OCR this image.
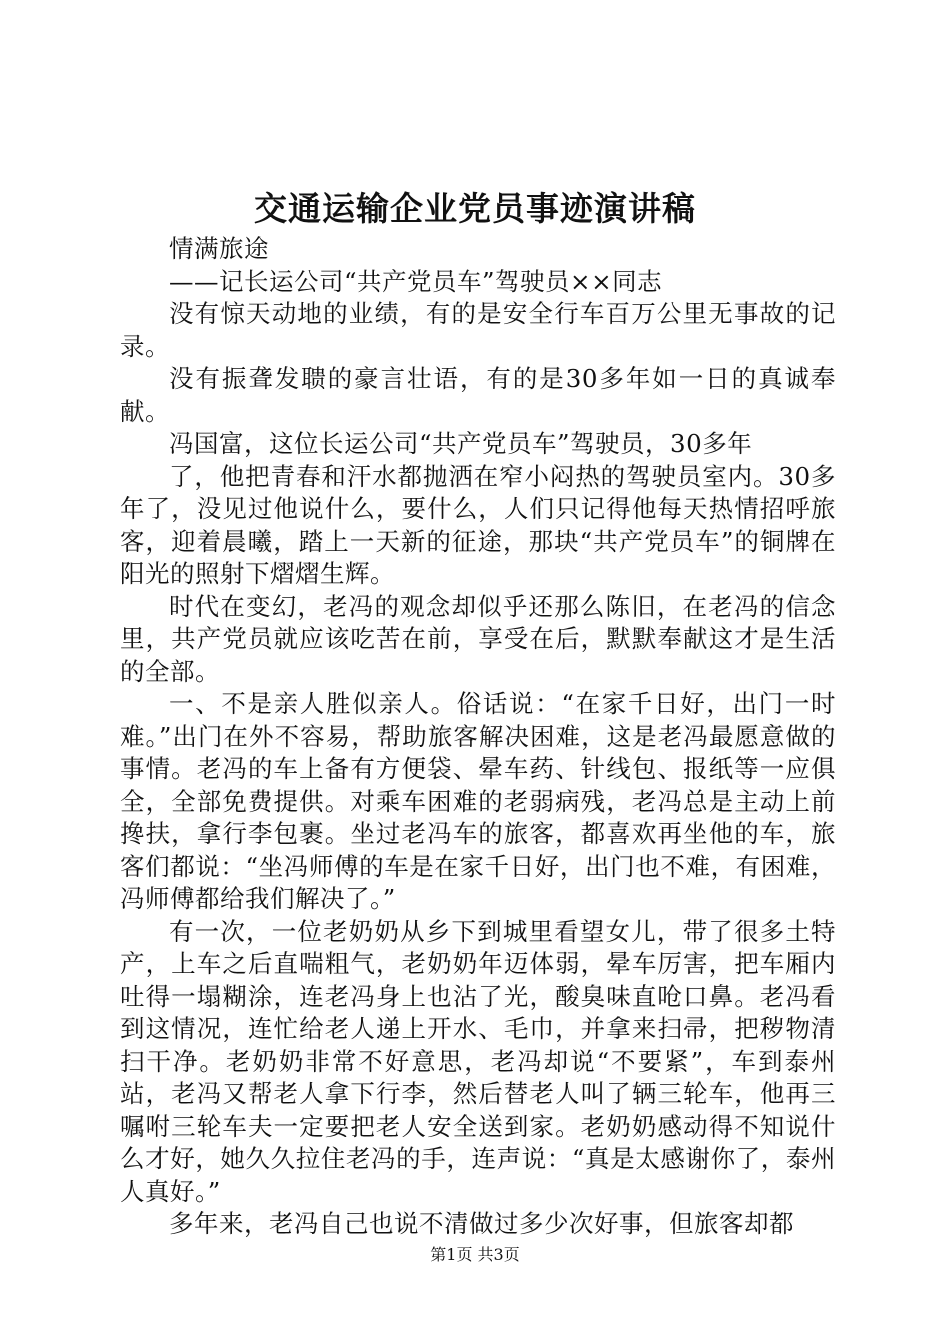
交通运输企业党员事迹演讲稿

情满旅途

——记长运公司“共产党员车”驾驶员××同志

没有惊天动地的业绩，有的是安全行车百万公里无事故的记录。

没有振聋发聩的豪言壮语，有的是30多年如一日的真诚奉献。

冯国富，这位长运公司“共产党员车”驾驶员，30多年

了，他把青春和汗水都抛洒在窄小闷热的驾驶员室内。30多年了，没见过他说什么，要什么，人们只记得他每天热情招呼旅客，迎着晨曦，踏上一天新的征途，那块“共产党员车”的铜牌在阳光的照射下熠熠生辉。

时代在变幻，老冯的观念却似乎还那么陈旧，在老冯的信念里，共产党员就应该吃苦在前，享受在后，默默奉献这才是生活的全部。

一、不是亲人胜似亲人。俗话说：“在家千日好，出门一时难。”出门在外不容易，帮助旅客解决困难，这是老冯最愿意做的事情。老冯的车上备有方便袋、晕车药、针线包、报纸等一应俱全，全部免费提供。对乘车困难的老弱病残，老冯总是主动上前搀扶，拿行李包裹。坐过老冯车的旅客，都喜欢再坐他的车，旅客们都说：“坐冯师傅的车是在家千日好，出门也不难，有困难，冯师傅都给我们解决了。”

有一次，一位老奶奶从乡下到城里看望女儿，带了很多土特产，上车之后直喘粗气，老奶奶年迈体弱，晕车厉害，把车厢内吐得一塌糊涂，连老冯身上也沾了光，酸臭味直呛口鼻。老冯看到这情况，连忙给老人递上开水、毛巾，并拿来扫帚，把秽物清扫干净。老奶奶非常不好意思，老冯却说“不要紧”，车到泰州站，老冯又帮老人拿下行李，然后替老人叫了辆三轮车，他再三嘱咐三轮车夫一定要把老人安全送到家。老奶奶感动得不知说什么才好，她久久拉住老冯的手，连声说：“真是太感谢你了，泰州人真好。”

多年来，老冯自己也说不清做过多少次好事，但旅客却都

第1页 共3页
